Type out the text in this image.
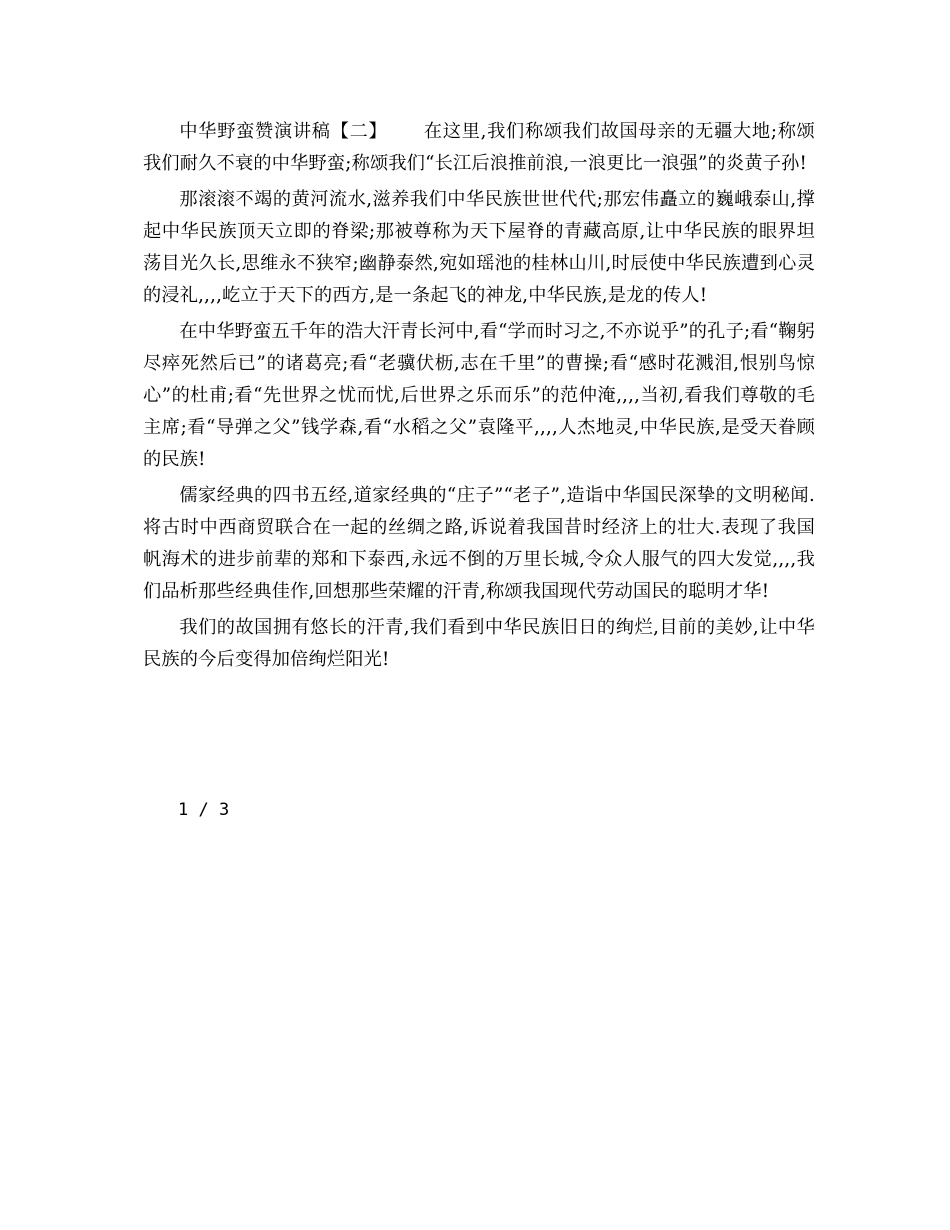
中华野蛮赞演讲稿【二】 在这里,我们称颂我们故国母亲的无疆大地;称颂我们耐久不衰的中华野蛮;称颂我们“长江后浪推前浪,一浪更比一浪强”的炎黄子孙!

那滚滚不竭的黄河流水,滋养我们中华民族世世代代;那宏伟矗立的巍峨泰山,撑起中华民族顶天立即的脊梁;那被尊称为天下屋脊的青藏高原,让中华民族的眼界坦荡目光久长,思维永不狭窄;幽静泰然,宛如瑶池的桂林山川,时辰使中华民族遭到心灵的浸礼,,,,屹立于天下的西方,是一条起飞的神龙,中华民族,是龙的传人!

在中华野蛮五千年的浩大汗青长河中,看“学而时习之,不亦说乎”的孔子;看“鞠躬尽瘁死然后已”的诸葛亮;看“老骥伏枥,志在千里”的曹操;看“感时花溅泪,恨别鸟惊心”的杜甫;看“先世界之忧而忧,后世界之乐而乐”的范仲淹,,,,当初,看我们尊敬的毛主席;看“导弹之父”钱学森,看“水稻之父”袁隆平,,,,人杰地灵,中华民族,是受天眷顾的民族!

儒家经典的四书五经,道家经典的“庄子”“老子”,造诣中华国民深挚的文明秘闻.将古时中西商贸联合在一起的丝绸之路,诉说着我国昔时经济上的壮大.表现了我国帆海术的进步前辈的郑和下泰西,永远不倒的万里长城,令众人服气的四大发觉,,,,我们品析那些经典佳作,回想那些荣耀的汗青,称颂我国现代劳动国民的聪明才华!

我们的故国拥有悠长的汗青,我们看到中华民族旧日的绚烂,目前的美妙,让中华民族的今后变得加倍绚烂阳光!

1 / 3
